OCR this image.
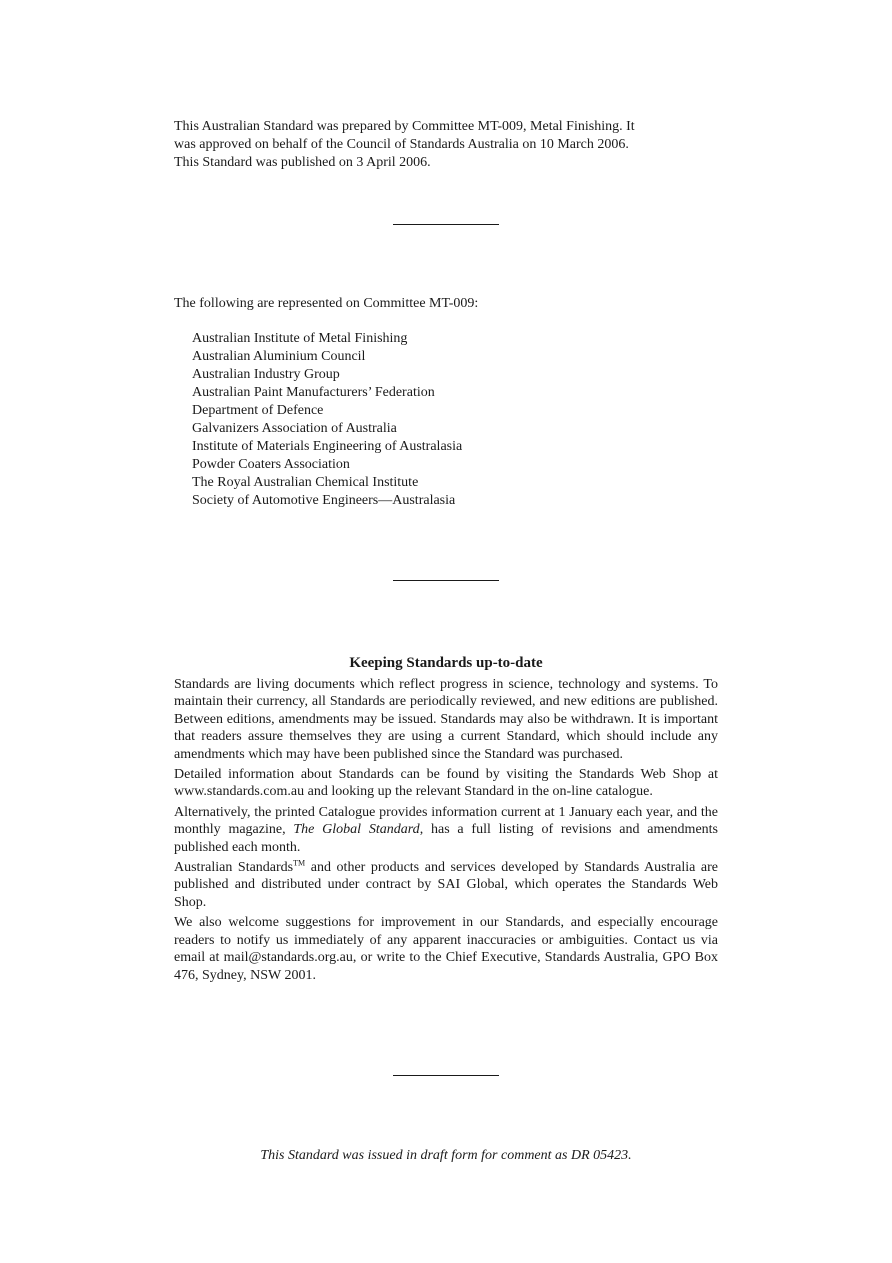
This Australian Standard was prepared by Committee MT-009, Metal Finishing. It

was approved on behalf of the Council of Standards Australia on 10 March 2006.

This Standard was published on 3 April 2006.

The following are represented on Committee MT-009:
Australian Institute of Metal Finishing
Australian Aluminium Council
Australian Industry Group
Australian Paint Manufacturers’ Federation
Department of Defence
Galvanizers Association of Australia
Institute of Materials Engineering of Australasia
Powder Coaters Association
The Royal Australian Chemical Institute
Society of Automotive Engineers—Australasia
Keeping Standards up-to-date

Standards are living documents which reflect progress in science, technology and systems. To maintain their currency, all Standards are periodically reviewed, and new editions are published. Between editions, amendments may be issued. Standards may also be withdrawn. It is important that readers assure themselves they are using a current Standard, which should include any amendments which may have been published since the Standard was purchased.

Detailed information about Standards can be found by visiting the Standards Web Shop at www.standards.com.au and looking up the relevant Standard in the on-line catalogue.

Alternatively, the printed Catalogue provides information current at 1 January each year, and the monthly magazine, The Global Standard, has a full listing of revisions and amendments published each month.

Australian Standards™ and other products and services developed by Standards Australia are published and distributed under contract by SAI Global, which operates the Standards Web Shop.

We also welcome suggestions for improvement in our Standards, and especially encourage readers to notify us immediately of any apparent inaccuracies or ambiguities. Contact us via email at mail@standards.org.au, or write to the Chief Executive, Standards Australia, GPO Box 476, Sydney, NSW 2001.

This Standard was issued in draft form for comment as DR 05423.
